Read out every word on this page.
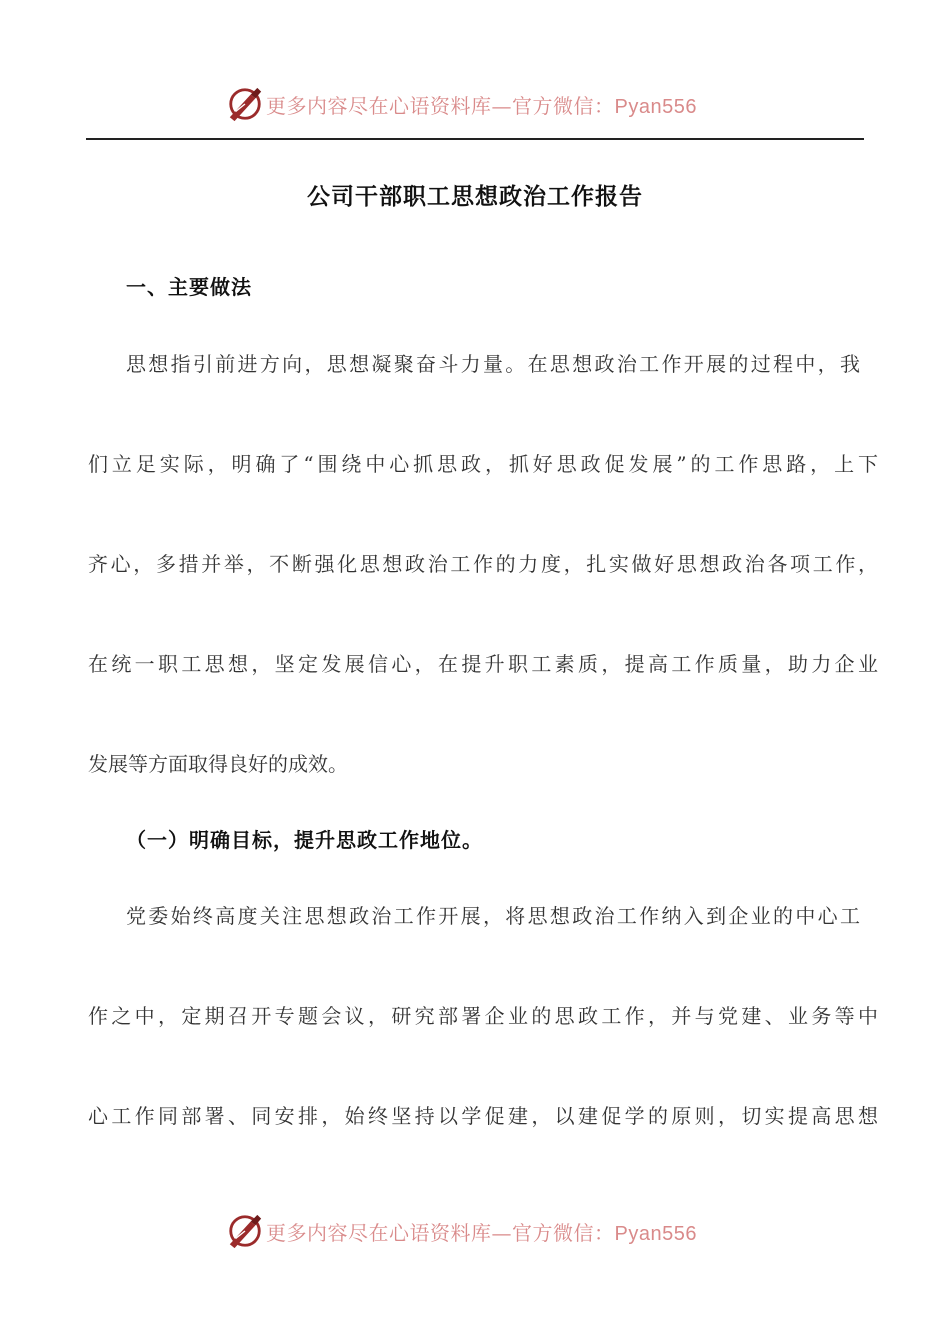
更多内容尽在心语资料库—官方微信：Pyan556
公司干部职工思想政治工作报告
一、主要做法
思想指引前进方向，思想凝聚奋斗力量。在思想政治工作开展的过程中，我
们立足实际，明确了“围绕中心抓思政，抓好思政促发展”的工作思路，上下
齐心，多措并举，不断强化思想政治工作的力度，扎实做好思想政治各项工作，
在统一职工思想，坚定发展信心，在提升职工素质，提高工作质量，助力企业
发展等方面取得良好的成效。
（一）明确目标，提升思政工作地位。
党委始终高度关注思想政治工作开展，将思想政治工作纳入到企业的中心工
作之中，定期召开专题会议，研究部署企业的思政工作，并与党建、业务等中
心工作同部署、同安排，始终坚持以学促建，以建促学的原则，切实提高思想
更多内容尽在心语资料库—官方微信：Pyan556
